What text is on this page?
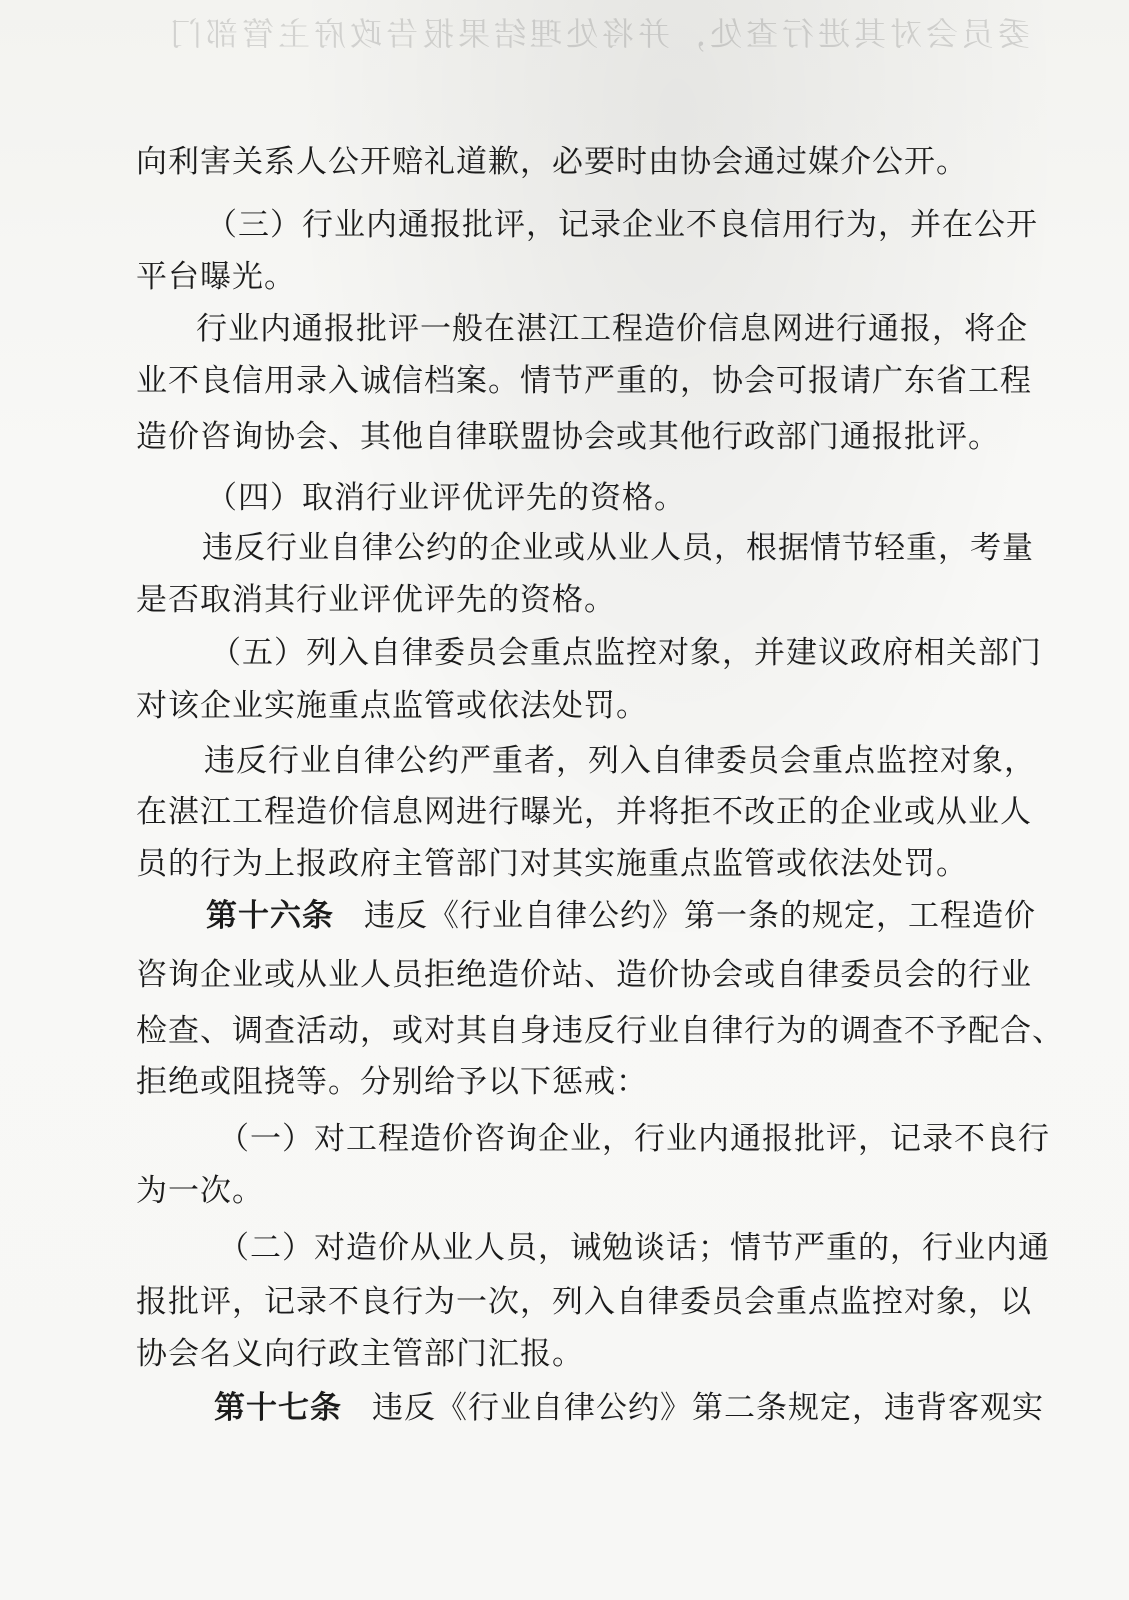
委员会对其进行查处，并将处理结果报告政府主管部门
向利害关系人公开赔礼道歉，必要时由协会通过媒介公开。
（三）行业内通报批评，记录企业不良信用行为，并在公开
平台曝光。
行业内通报批评一般在湛江工程造价信息网进行通报，将企
业不良信用录入诚信档案。情节严重的，协会可报请广东省工程
造价咨询协会、其他自律联盟协会或其他行政部门通报批评。
（四）取消行业评优评先的资格。
违反行业自律公约的企业或从业人员，根据情节轻重，考量
是否取消其行业评优评先的资格。
（五）列入自律委员会重点监控对象，并建议政府相关部门
对该企业实施重点监管或依法处罚。
违反行业自律公约严重者，列入自律委员会重点监控对象，
在湛江工程造价信息网进行曝光，并将拒不改正的企业或从业人
员的行为上报政府主管部门对其实施重点监管或依法处罚。
第十六条 违反《行业自律公约》第一条的规定，工程造价
咨询企业或从业人员拒绝造价站、造价协会或自律委员会的行业
检查、调查活动，或对其自身违反行业自律行为的调查不予配合、
拒绝或阻挠等。分别给予以下惩戒：
（一）对工程造价咨询企业，行业内通报批评，记录不良行
为一次。
（二）对造价从业人员，诫勉谈话；情节严重的，行业内通
报批评，记录不良行为一次，列入自律委员会重点监控对象，以
协会名义向行政主管部门汇报。
第十七条 违反《行业自律公约》第二条规定，违背客观实
